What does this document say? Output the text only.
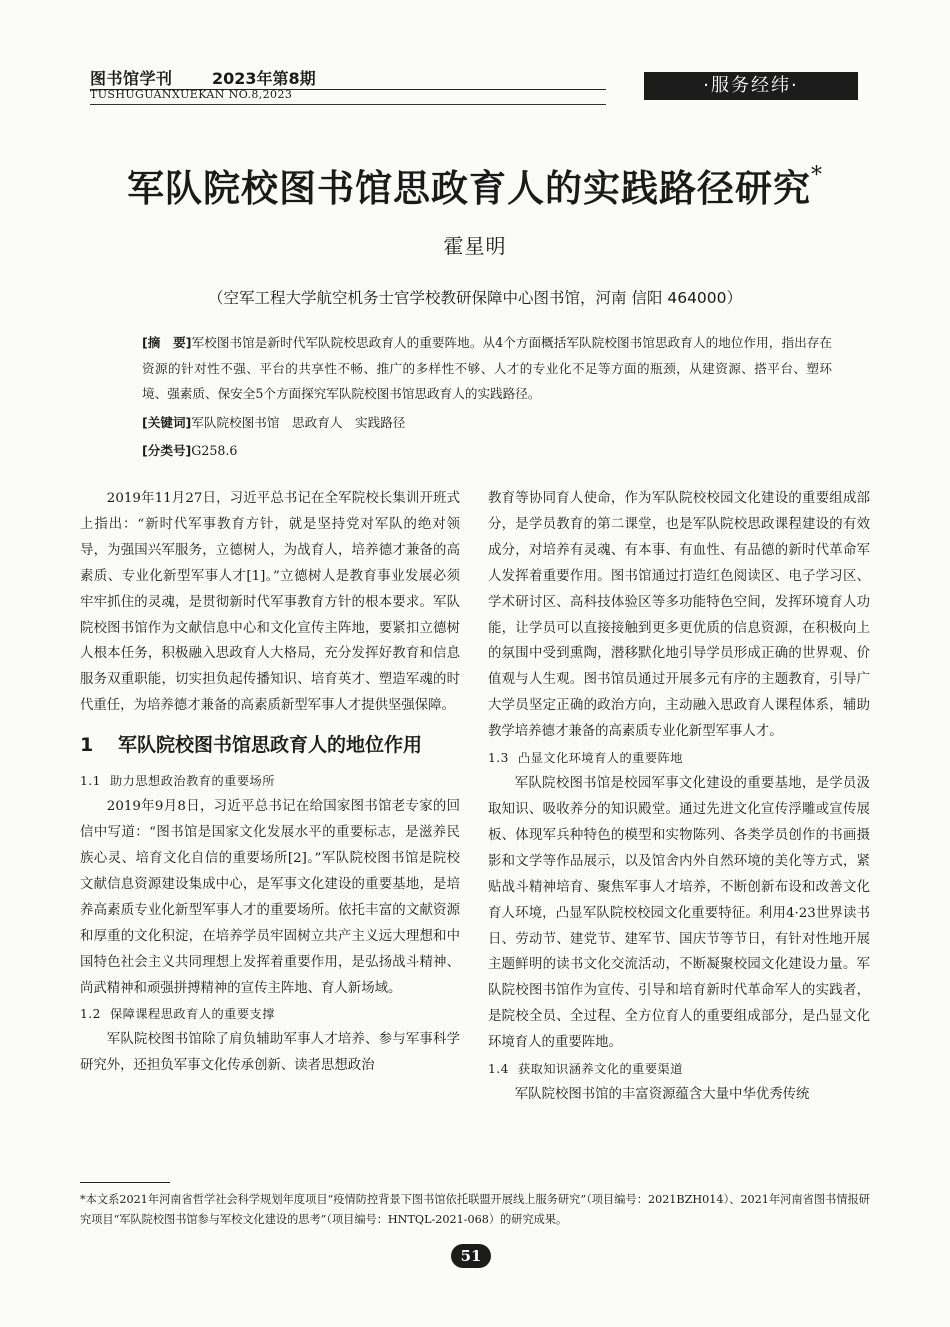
图书馆学刊 2023年第8期
TUSHUGUANXUEKAN NO.8,2023	·服务经纬·
军队院校图书馆思政育人的实践路径研究*
霍星明
（空军工程大学航空机务士官学校教研保障中心图书馆，河南 信阳 464000）
[摘　要]军校图书馆是新时代军队院校思政育人的重要阵地。从4个方面概括军队院校图书馆思政育人的地位作用，指出存在资源的针对性不强、平台的共享性不畅、推广的多样性不够、人才的专业化不足等方面的瓶颈，从建资源、搭平台、塑环境、强素质、保安全5个方面探究军队院校图书馆思政育人的实践路径。
[关键词]军队院校图书馆　思政育人　实践路径
[分类号]G258.6

2019年11月27日，习近平总书记在全军院校长集训开班式上指出：“新时代军事教育方针，就是坚持党对军队的绝对领导，为强国兴军服务，立德树人，为战育人，培养德才兼备的高素质、专业化新型军事人才[1]。”立德树人是教育事业发展必须牢牢抓住的灵魂，是贯彻新时代军事教育方针的根本要求。军队院校图书馆作为文献信息中心和文化宣传主阵地，要紧扣立德树人根本任务，积极融入思政育人大格局，充分发挥好教育和信息服务双重职能，切实担负起传播知识、培育英才、塑造军魂的时代重任，为培养德才兼备的高素质新型军事人才提供坚强保障。

1	军队院校图书馆思政育人的地位作用
1.1 助力思想政治教育的重要场所

2019年9月8日，习近平总书记在给国家图书馆老专家的回信中写道：“图书馆是国家文化发展水平的重要标志，是滋养民族心灵、培育文化自信的重要场所[2]。”军队院校图书馆是院校文献信息资源建设集成中心，是军事文化建设的重要基地，是培养高素质专业化新型军事人才的重要场所。依托丰富的文献资源和厚重的文化积淀，在培养学员牢固树立共产主义远大理想和中国特色社会主义共同理想上发挥着重要作用，是弘扬战斗精神、尚武精神和顽强拼搏精神的宣传主阵地、育人新场域。

1.2 保障课程思政育人的重要支撑

军队院校图书馆除了肩负辅助军事人才培养、参与军事科学研究外，还担负军事文化传承创新、读者思想政治

教育等协同育人使命，作为军队院校校园文化建设的重要组成部分，是学员教育的第二课堂，也是军队院校思政课程建设的有效成分，对培养有灵魂、有本事、有血性、有品德的新时代革命军人发挥着重要作用。图书馆通过打造红色阅读区、电子学习区、学术研讨区、高科技体验区等多功能特色空间，发挥环境育人功能，让学员可以直接接触到更多更优质的信息资源，在积极向上的氛围中受到熏陶，潜移默化地引导学员形成正确的世界观、价值观与人生观。图书馆员通过开展多元有序的主题教育，引导广大学员坚定正确的政治方向，主动融入思政育人课程体系，辅助教学培养德才兼备的高素质专业化新型军事人才。

1.3 凸显文化环境育人的重要阵地

军队院校图书馆是校园军事文化建设的重要基地，是学员汲取知识、吸收养分的知识殿堂。通过先进文化宣传浮雕或宣传展板、体现军兵种特色的模型和实物陈列、各类学员创作的书画摄影和文学等作品展示，以及馆舍内外自然环境的美化等方式，紧贴战斗精神培育、聚焦军事人才培养，不断创新布设和改善文化育人环境，凸显军队院校校园文化重要特征。利用4·23世界读书日、劳动节、建党节、建军节、国庆节等节日，有针对性地开展主题鲜明的读书文化交流活动，不断凝聚校园文化建设力量。军队院校图书馆作为宣传、引导和培育新时代革命军人的实践者，是院校全员、全过程、全方位育人的重要组成部分，是凸显文化环境育人的重要阵地。

1.4 获取知识涵养文化的重要渠道

军队院校图书馆的丰富资源蕴含大量中华优秀传统

*本文系2021年河南省哲学社会科学规划年度项目“疫情防控背景下图书馆依托联盟开展线上服务研究”（项目编号：2021BZH014）、2021年河南省图书情报研究项目“军队院校图书馆参与军校文化建设的思考”（项目编号：HNTQL-2021-068）的研究成果。
51
